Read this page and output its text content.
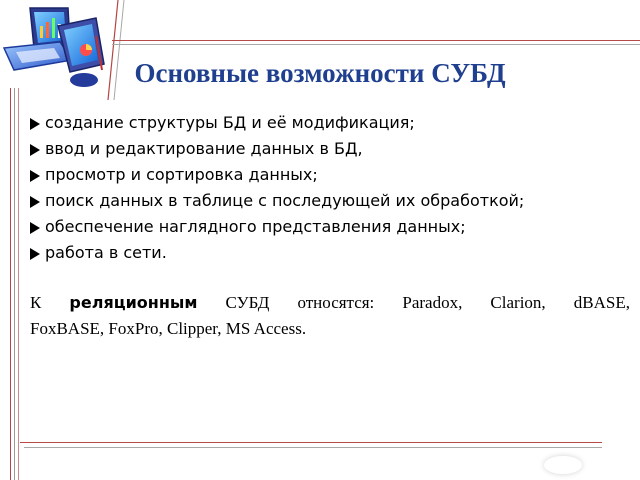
Основные возможности СУБД
создание структуры БД и её модификация;
ввод и редактирование данных в БД,
просмотр и сортировка данных;
поиск данных в таблице с последующей их обработкой;
обеспечение наглядного представления данных;
работа в сети.
К реляционным СУБД относятся: Paradox, Clarion, dBASE,
FoxBASE, FoxPro, Clipper, MS Access.
